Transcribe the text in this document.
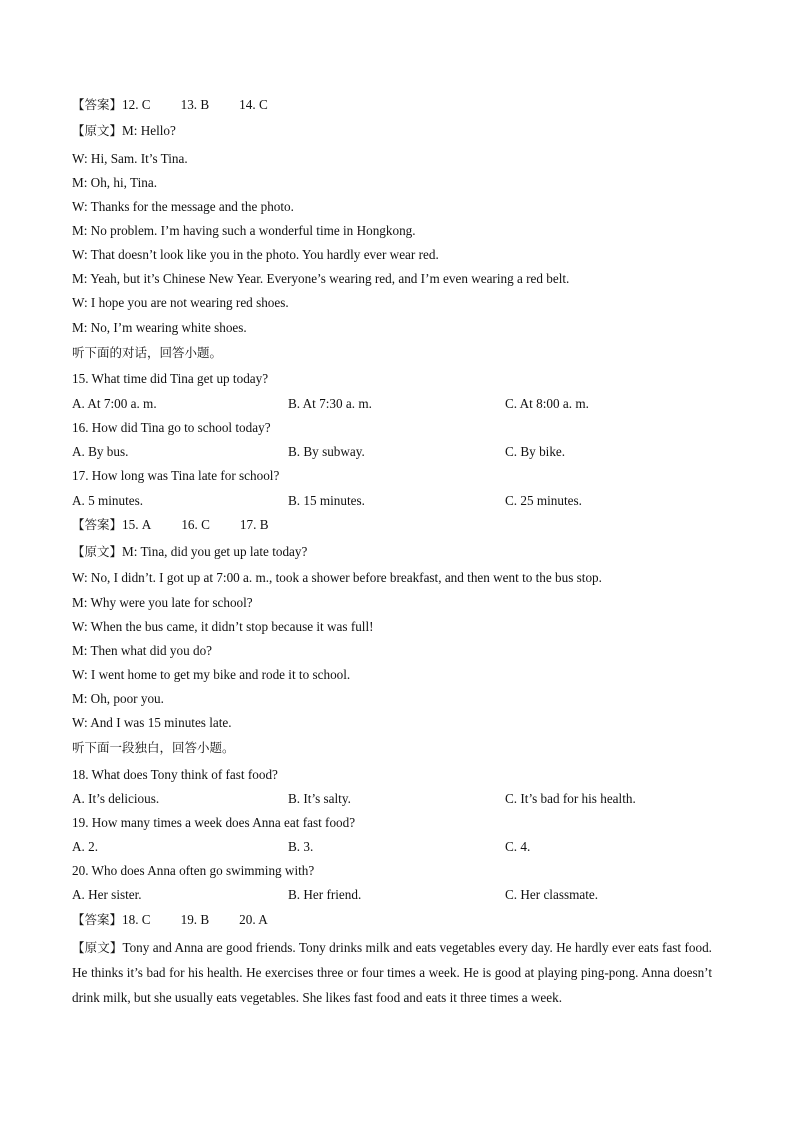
【答案】12. C 13. B 14. C
【原文】M: Hello?
W: Hi, Sam. It’s Tina.
M: Oh, hi, Tina.
W: Thanks for the message and the photo.
M: No problem. I’m having such a wonderful time in Hongkong.
W: That doesn’t look like you in the photo. You hardly ever wear red.
M: Yeah, but it’s Chinese New Year. Everyone’s wearing red, and I’m even wearing a red belt.
W: I hope you are not wearing red shoes.
M: No, I’m wearing white shoes.
听下面的对话，回答小题。
15. What time did Tina get up today?
A. At 7:00 a. m.	B. At 7:30 a. m.	C. At 8:00 a. m.
16. How did Tina go to school today?
A. By bus.	B. By subway.	C. By bike.
17. How long was Tina late for school?
A. 5 minutes.	B. 15 minutes.	C. 25 minutes.
【答案】15. A 16. C 17. B
【原文】M: Tina, did you get up late today?
W: No, I didn’t. I got up at 7:00 a. m., took a shower before breakfast, and then went to the bus stop.
M: Why were you late for school?
W: When the bus came, it didn’t stop because it was full!
M: Then what did you do?
W: I went home to get my bike and rode it to school.
M: Oh, poor you.
W: And I was 15 minutes late.
听下面一段独白，回答小题。
18. What does Tony think of fast food?
A. It’s delicious.	B. It’s salty.	C. It’s bad for his health.
19. How many times a week does Anna eat fast food?
A. 2.	B. 3.	C. 4.
20. Who does Anna often go swimming with?
A. Her sister.	B. Her friend.	C. Her classmate.
【答案】18. C 19. B 20. A
【原文】Tony and Anna are good friends. Tony drinks milk and eats vegetables every day. He hardly ever eats fast food. He thinks it’s bad for his health. He exercises three or four times a week. He is good at playing ping-pong. Anna doesn’t drink milk, but she usually eats vegetables. She likes fast food and eats it three times a week.
